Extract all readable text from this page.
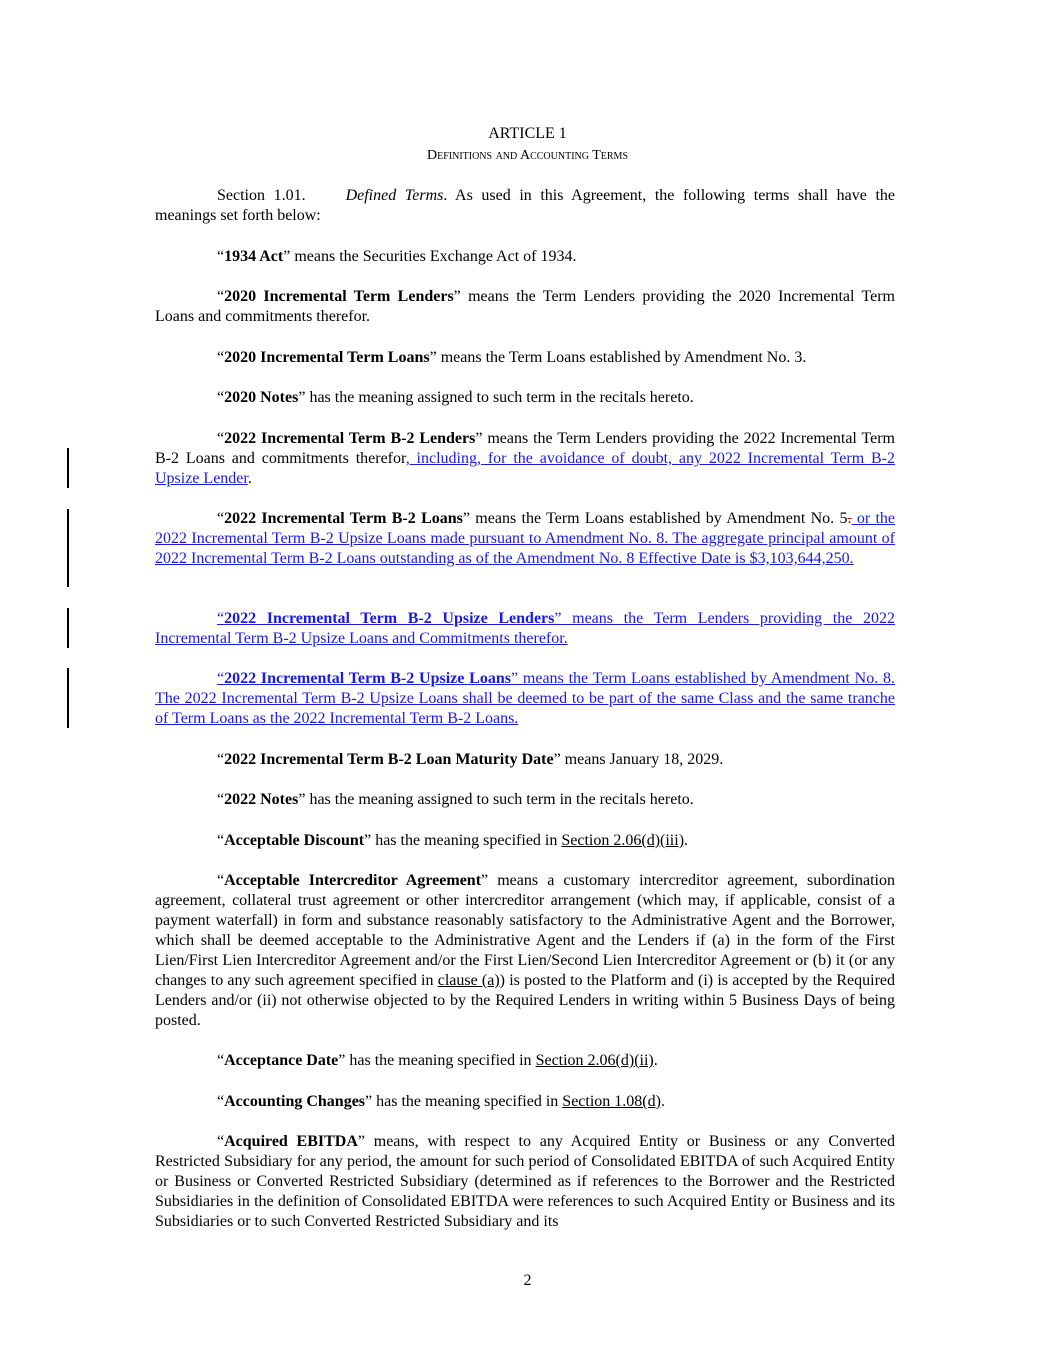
ARTICLE 1
Definitions and Accounting Terms
Section 1.01.	Defined Terms. As used in this Agreement, the following terms shall have the meanings set forth below:
“1934 Act” means the Securities Exchange Act of 1934.
“2020 Incremental Term Lenders” means the Term Lenders providing the 2020 Incremental Term Loans and commitments therefor.
“2020 Incremental Term Loans” means the Term Loans established by Amendment No. 3.
“2020 Notes” has the meaning assigned to such term in the recitals hereto.
“2022 Incremental Term B-2 Lenders” means the Term Lenders providing the 2022 Incremental Term B-2 Loans and commitments therefor, including, for the avoidance of doubt, any 2022 Incremental Term B-2 Upsize Lender.
“2022 Incremental Term B-2 Loans” means the Term Loans established by Amendment No. 5. or the 2022 Incremental Term B-2 Upsize Loans made pursuant to Amendment No. 8. The aggregate principal amount of 2022 Incremental Term B-2 Loans outstanding as of the Amendment No. 8 Effective Date is $3,103,644,250.
“2022 Incremental Term B-2 Upsize Lenders” means the Term Lenders providing the 2022 Incremental Term B-2 Upsize Loans and Commitments therefor.
“2022 Incremental Term B-2 Upsize Loans” means the Term Loans established by Amendment No. 8. The 2022 Incremental Term B-2 Upsize Loans shall be deemed to be part of the same Class and the same tranche of Term Loans as the 2022 Incremental Term B-2 Loans.
“2022 Incremental Term B-2 Loan Maturity Date” means January 18, 2029.
“2022 Notes” has the meaning assigned to such term in the recitals hereto.
“Acceptable Discount” has the meaning specified in Section 2.06(d)(iii).
“Acceptable Intercreditor Agreement” means a customary intercreditor agreement, subordination agreement, collateral trust agreement or other intercreditor arrangement (which may, if applicable, consist of a payment waterfall) in form and substance reasonably satisfactory to the Administrative Agent and the Borrower, which shall be deemed acceptable to the Administrative Agent and the Lenders if (a) in the form of the First Lien/First Lien Intercreditor Agreement and/or the First Lien/Second Lien Intercreditor Agreement or (b) it (or any changes to any such agreement specified in clause (a)) is posted to the Platform and (i) is accepted by the Required Lenders and/or (ii) not otherwise objected to by the Required Lenders in writing within 5 Business Days of being posted.
“Acceptance Date” has the meaning specified in Section 2.06(d)(ii).
“Accounting Changes” has the meaning specified in Section 1.08(d).
“Acquired EBITDA” means, with respect to any Acquired Entity or Business or any Converted Restricted Subsidiary for any period, the amount for such period of Consolidated EBITDA of such Acquired Entity or Business or Converted Restricted Subsidiary (determined as if references to the Borrower and the Restricted Subsidiaries in the definition of Consolidated EBITDA were references to such Acquired Entity or Business and its Subsidiaries or to such Converted Restricted Subsidiary and its
2
